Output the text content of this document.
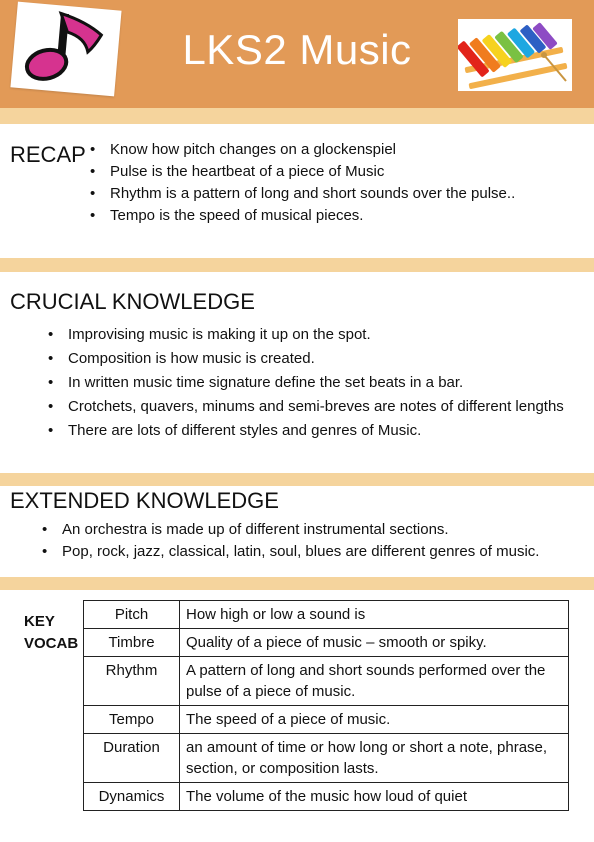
LKS2 Music
RECAP	• Know how pitch changes on a glockenspiel
• Pulse is the heartbeat of a piece of Music
• Rhythm is a pattern of long and short sounds over the pulse..
• Tempo is the speed of musical pieces.
CRUCIAL KNOWLEDGE
• Improvising music is making it up on the spot.
• Composition is how music is created.
• In written music time signature define the set beats in a bar.
• Crotchets, quavers, minums and semi-breves are notes of different lengths
• There are lots of different styles and genres of Music.
EXTENDED KNOWLEDGE
• An orchestra is made up of different instrumental sections.
• Pop, rock, jazz, classical, latin, soul, blues are different genres of music.
KEY
VOCAB
Pitch	How high or low a sound is
Timbre	Quality of a piece of music – smooth or spiky.
Rhythm	A pattern of long and short sounds performed over the pulse of a piece of music.
Tempo	The speed of a piece of music.
Duration	an amount of time or how long or short a note, phrase, section, or composition lasts.
Dynamics	The volume of the music how loud of quiet
